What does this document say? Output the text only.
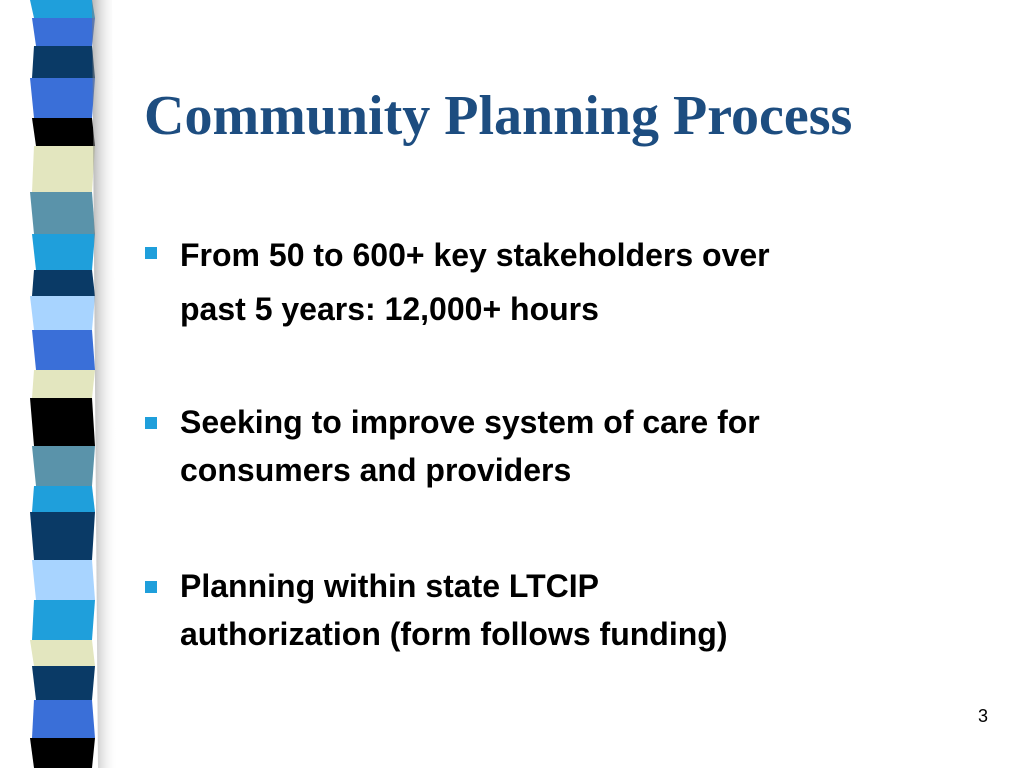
Community Planning Process

From 50 to 600+ key stakeholders over
past 5 years: 12,000+ hours

Seeking to improve system of care for
consumers and providers

Planning within state LTCIP
authorization (form follows funding)

3
